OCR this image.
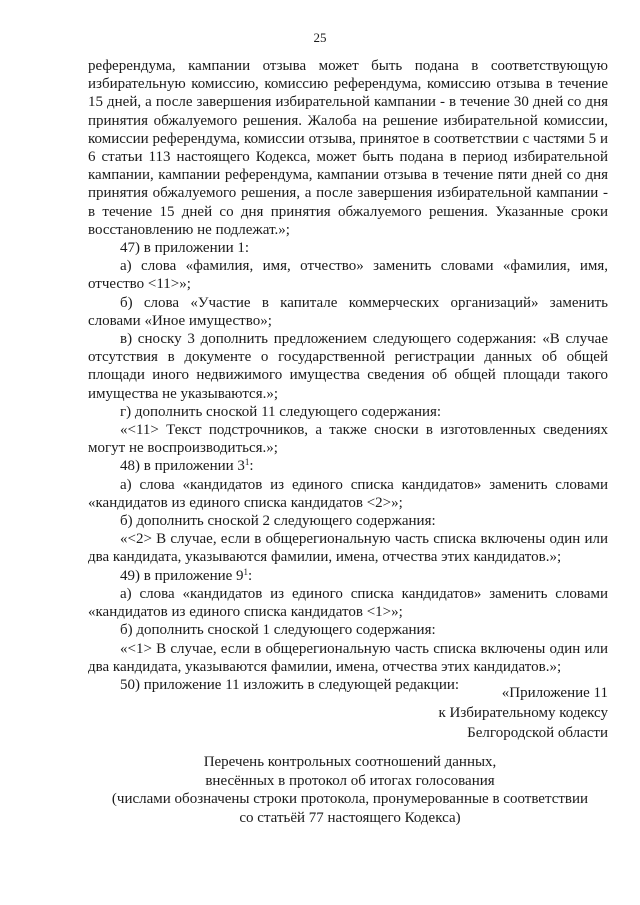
25

референдума, кампании отзыва может быть подана в соответствующую избирательную комиссию, комиссию референдума, комиссию отзыва в течение 15 дней, а после завершения избирательной кампании - в течение 30 дней со дня принятия обжалуемого решения. Жалоба на решение избирательной комиссии, комиссии референдума, комиссии отзыва, принятое в соответствии с частями 5 и 6 статьи 113 настоящего Кодекса, может быть подана в период избирательной кампании, кампании референдума, кампании отзыва в течение пяти дней со дня принятия обжалуемого решения, а после завершения избирательной кампании - в течение 15 дней со дня принятия обжалуемого решения. Указанные сроки восстановлению не подлежат.»;

47) в приложении 1:

а) слова «фамилия, имя, отчество» заменить словами «фамилия, имя, отчество <11>»;

б) слова «Участие в капитале коммерческих организаций» заменить словами «Иное имущество»;

в) сноску 3 дополнить предложением следующего содержания: «В случае отсутствия в документе о государственной регистрации данных об общей площади иного недвижимого имущества сведения об общей площади такого имущества не указываются.»;

г) дополнить сноской 11 следующего содержания:

«<11> Текст подстрочников, а также сноски в изготовленных сведениях могут не воспроизводиться.»;

48) в приложении $3^1$:

а) слова «кандидатов из единого списка кандидатов» заменить словами «кандидатов из единого списка кандидатов <2>»;

б) дополнить сноской 2 следующего содержания:

«<2> В случае, если в общерегиональную часть списка включены один или два кандидата, указываются фамилии, имена, отчества этих кандидатов.»;

49) в приложение $9^1$:

а) слова «кандидатов из единого списка кандидатов» заменить словами «кандидатов из единого списка кандидатов <1>»;

б) дополнить сноской 1 следующего содержания:

«<1> В случае, если в общерегиональную часть списка включены один или два кандидата, указываются фамилии, имена, отчества этих кандидатов.»;

50) приложение 11 изложить в следующей редакции:

«Приложение 11
к Избирательному кодексу
Белгородской области

Перечень контрольных соотношений данных,

внесённых в протокол об итогах голосования

(числами обозначены строки протокола, пронумерованные в соответствии

со статьёй 77 настоящего Кодекса)
